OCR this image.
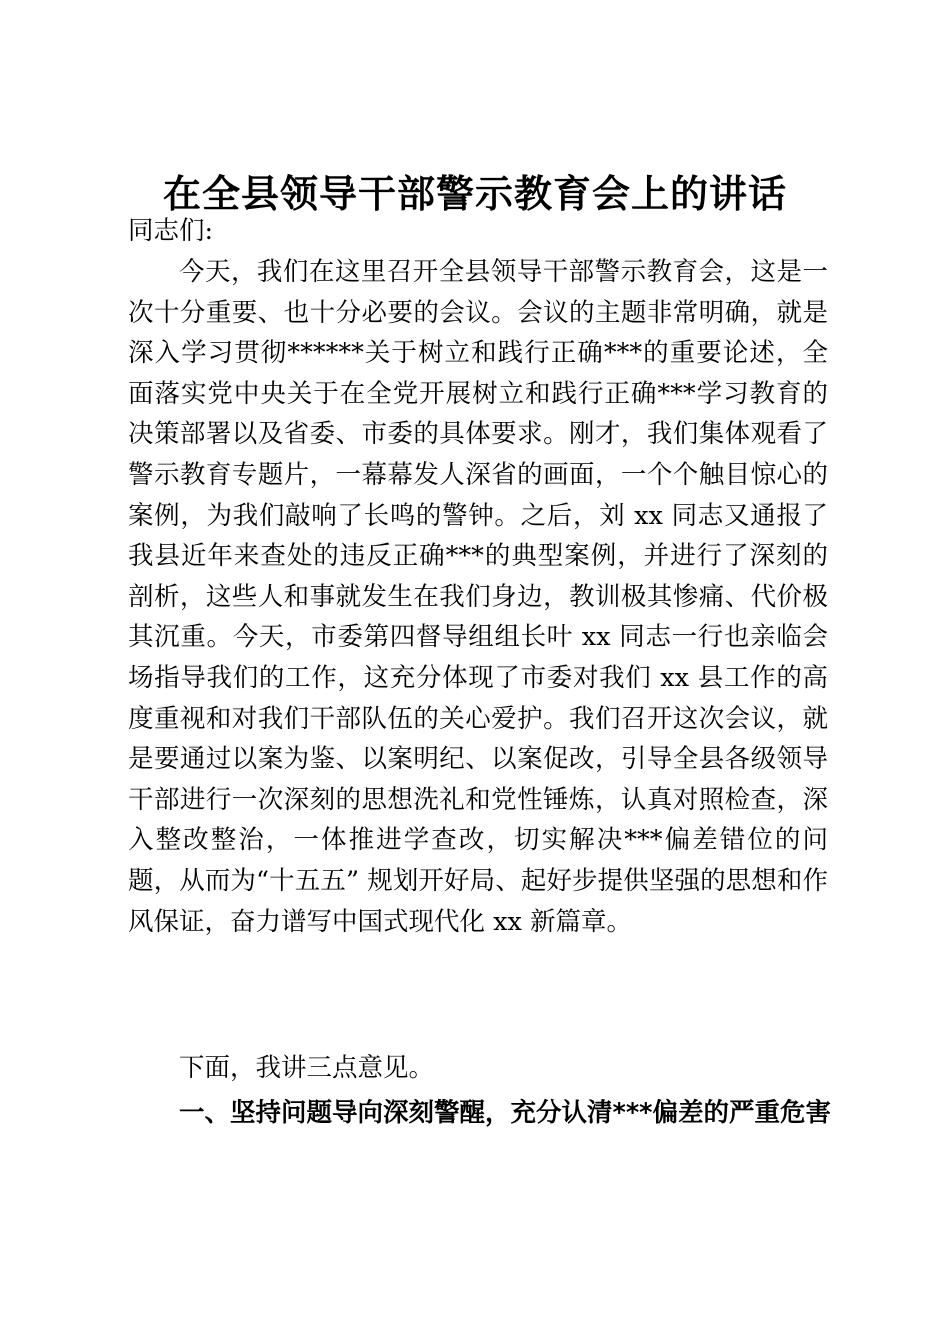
在全县领导干部警示教育会上的讲话
同志们:

今天，我们在这里召开全县领导干部警示教育会，这是一次十分重要、也十分必要的会议。会议的主题非常明确，就是深入学习贯彻******关于树立和践行正确***的重要论述，全面落实党中央关于在全党开展树立和践行正确***学习教育的决策部署以及省委、市委的具体要求。刚才，我们集体观看了警示教育专题片，一幕幕发人深省的画面，一个个触目惊心的案例，为我们敲响了长鸣的警钟。之后，刘 xx 同志又通报了我县近年来查处的违反正确***的典型案例，并进行了深刻的剖析，这些人和事就发生在我们身边，教训极其惨痛、代价极其沉重。今天，市委第四督导组组长叶 xx 同志一行也亲临会场指导我们的工作，这充分体现了市委对我们 xx 县工作的高度重视和对我们干部队伍的关心爱护。我们召开这次会议，就是要通过以案为鉴、以案明纪、以案促改，引导全县各级领导干部进行一次深刻的思想洗礼和党性锤炼，认真对照检查，深入整改整治，一体推进学查改，切实解决***偏差错位的问题，从而为“十五五” 规划开好局、起好步提供坚强的思想和作风保证，奋力谱写中国式现代化 xx 新篇章。

下面，我讲三点意见。

一、坚持问题导向深刻警醒，充分认清***偏差的严重危害
